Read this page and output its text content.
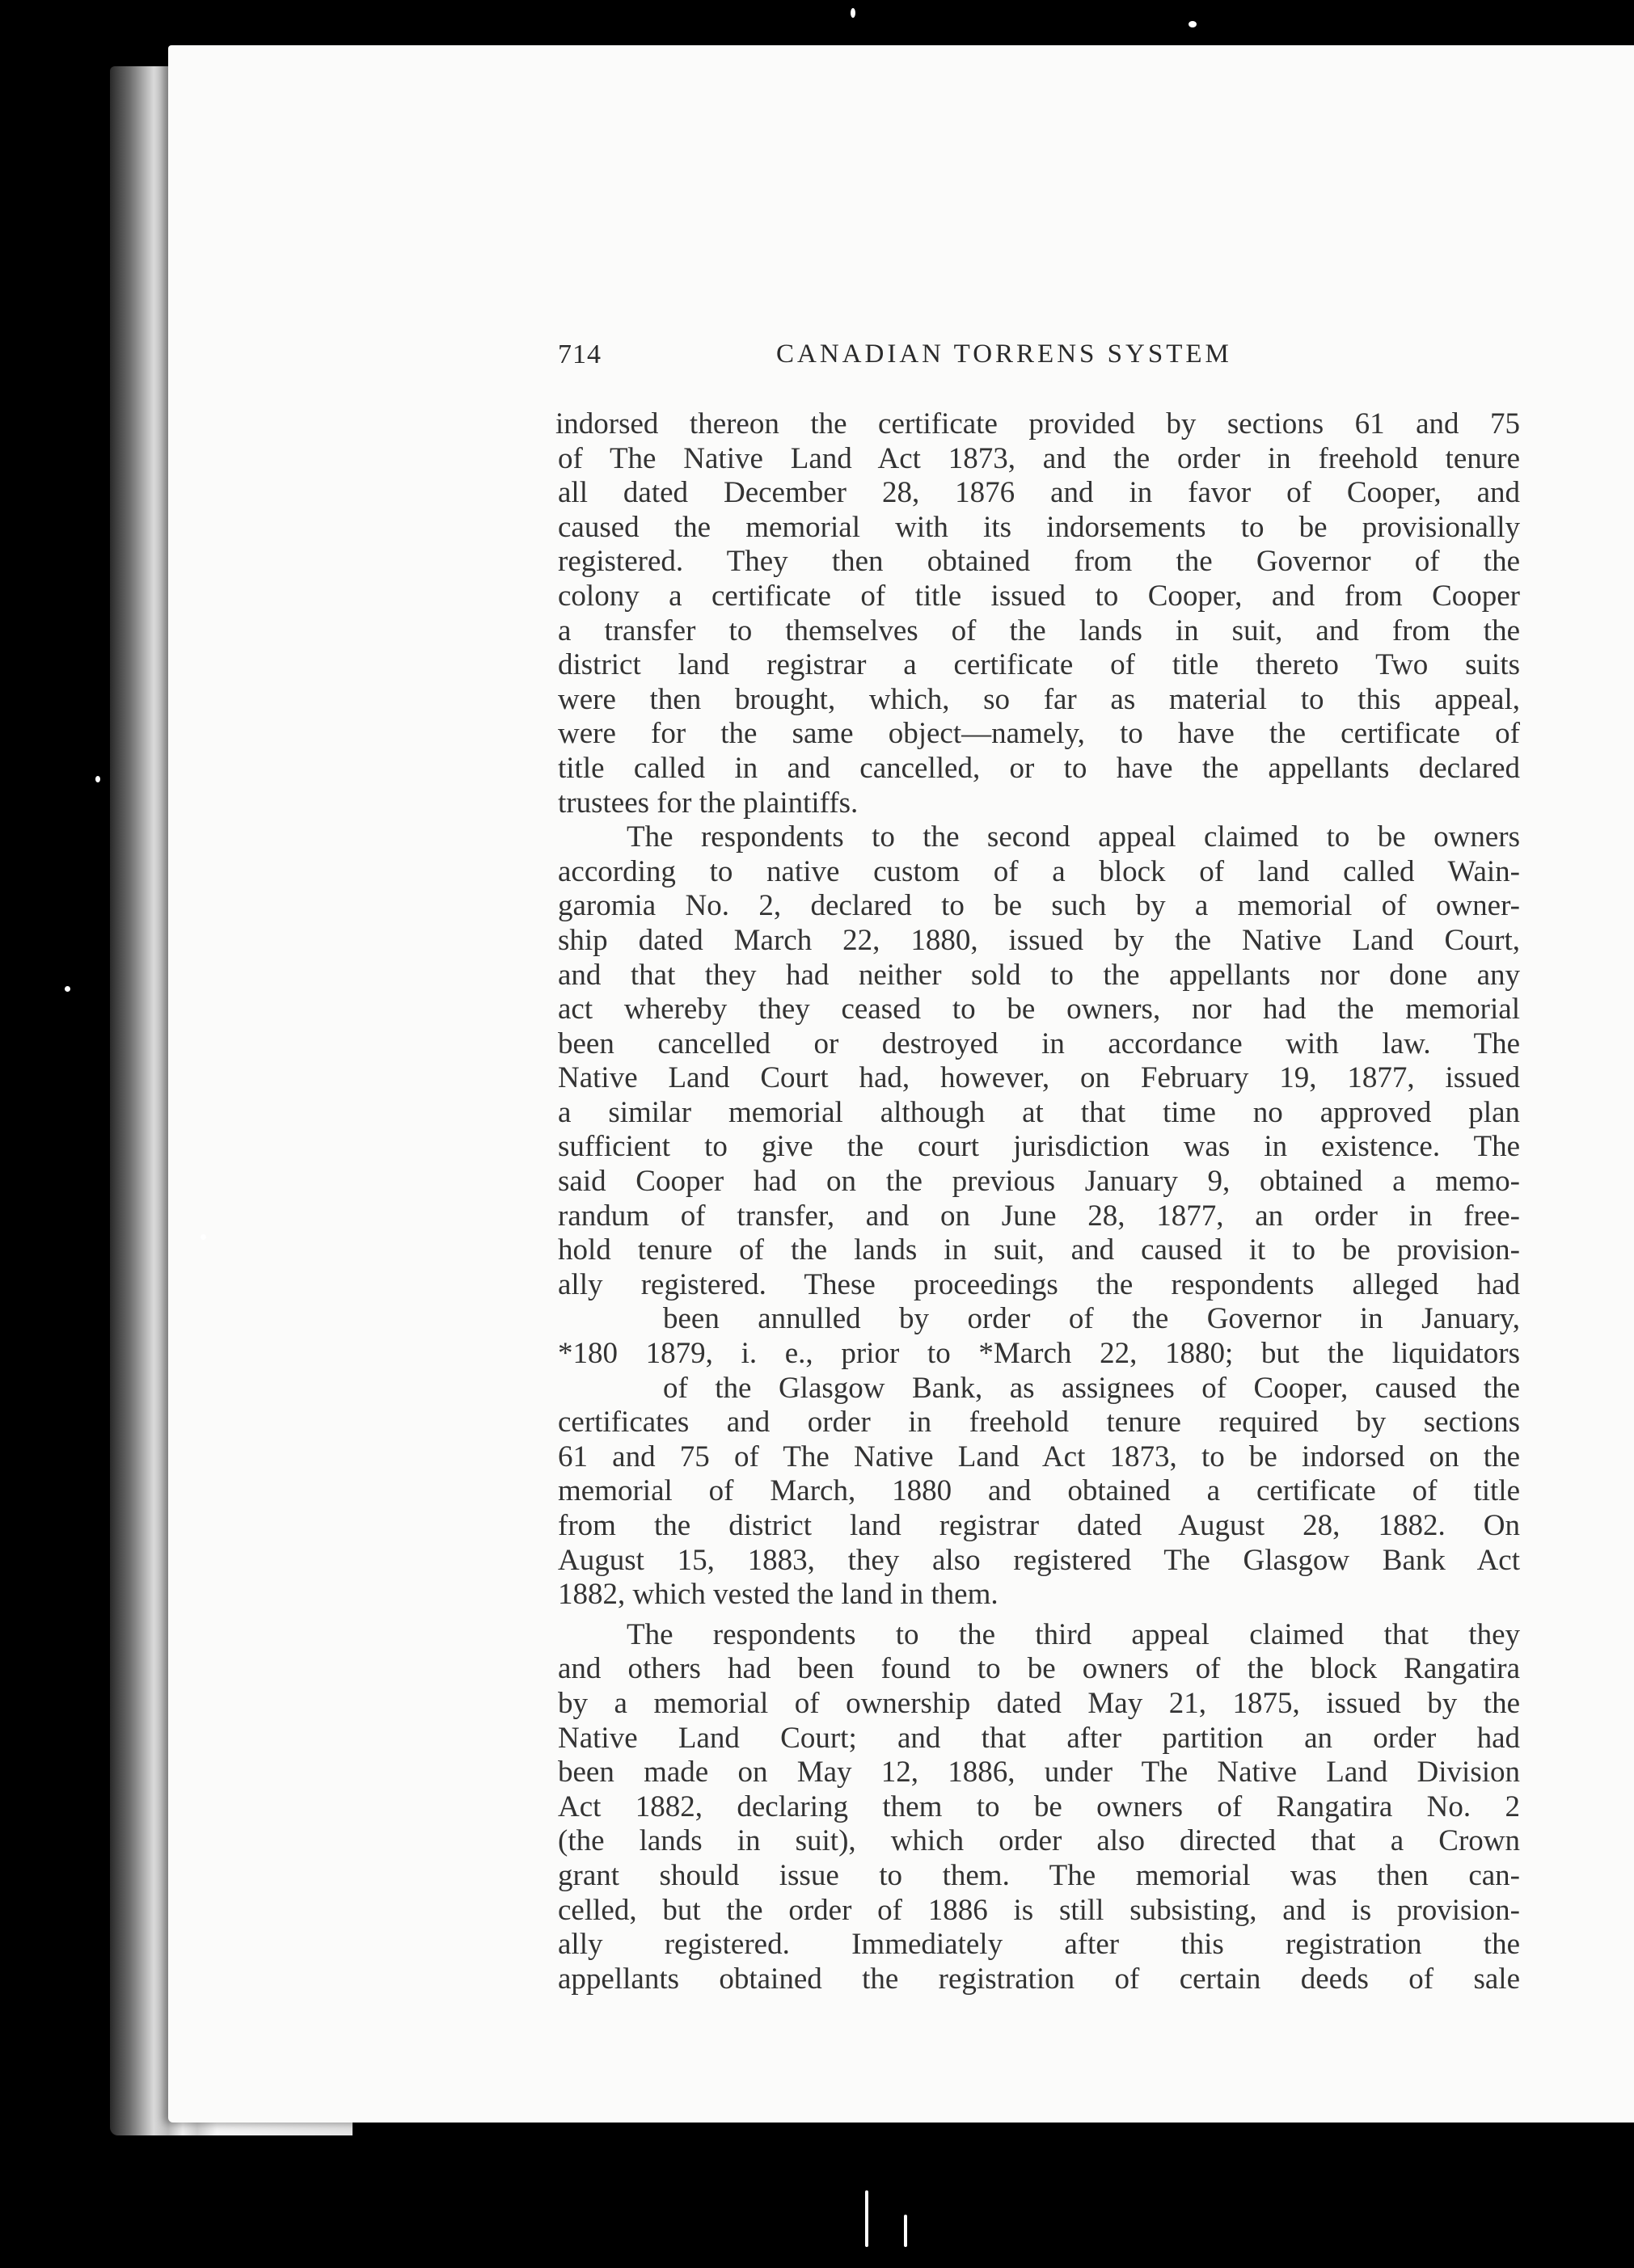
714	CANADIAN TORRENS SYSTEM
indorsed thereon the certificate provided by sections 61 and 75
of The Native Land Act 1873, and the order in freehold tenure
all dated December 28, 1876 and in favor of Cooper, and
caused the memorial with its indorsements to be provisionally
registered. They then obtained from the Governor of the
colony a certificate of title issued to Cooper, and from Cooper
a transfer to themselves of the lands in suit, and from the
district land registrar a certificate of title thereto Two suits
were then brought, which, so far as material to this appeal,
were for the same object—namely, to have the certificate of
title called in and cancelled, or to have the appellants declared
trustees for the plaintiffs.
The respondents to the second appeal claimed to be owners
according to native custom of a block of land called Wain-
garomia No. 2, declared to be such by a memorial of owner-
ship dated March 22, 1880, issued by the Native Land Court,
and that they had neither sold to the appellants nor done any
act whereby they ceased to be owners, nor had the memorial
been cancelled or destroyed in accordance with law. The
Native Land Court had, however, on February 19, 1877, issued
a similar memorial although at that time no approved plan
sufficient to give the court jurisdiction was in existence. The
said Cooper had on the previous January 9, obtained a memo-
randum of transfer, and on June 28, 1877, an order in free-
hold tenure of the lands in suit, and caused it to be provision-
ally registered. These proceedings the respondents alleged had
been annulled by order of the Governor in January,
*180 1879, i. e., prior to *March 22, 1880; but the liquidators
of the Glasgow Bank, as assignees of Cooper, caused the
certificates and order in freehold tenure required by sections
61 and 75 of The Native Land Act 1873, to be indorsed on the
memorial of March, 1880 and obtained a certificate of title
from the district land registrar dated August 28, 1882. On
August 15, 1883, they also registered The Glasgow Bank Act
1882, which vested the land in them.
The respondents to the third appeal claimed that they
and others had been found to be owners of the block Rangatira
by a memorial of ownership dated May 21, 1875, issued by the
Native Land Court; and that after partition an order had
been made on May 12, 1886, under The Native Land Division
Act 1882, declaring them to be owners of Rangatira No. 2
(the lands in suit), which order also directed that a Crown
grant should issue to them. The memorial was then can-
celled, but the order of 1886 is still subsisting, and is provision-
ally registered. Immediately after this registration the
appellants obtained the registration of certain deeds of sale
